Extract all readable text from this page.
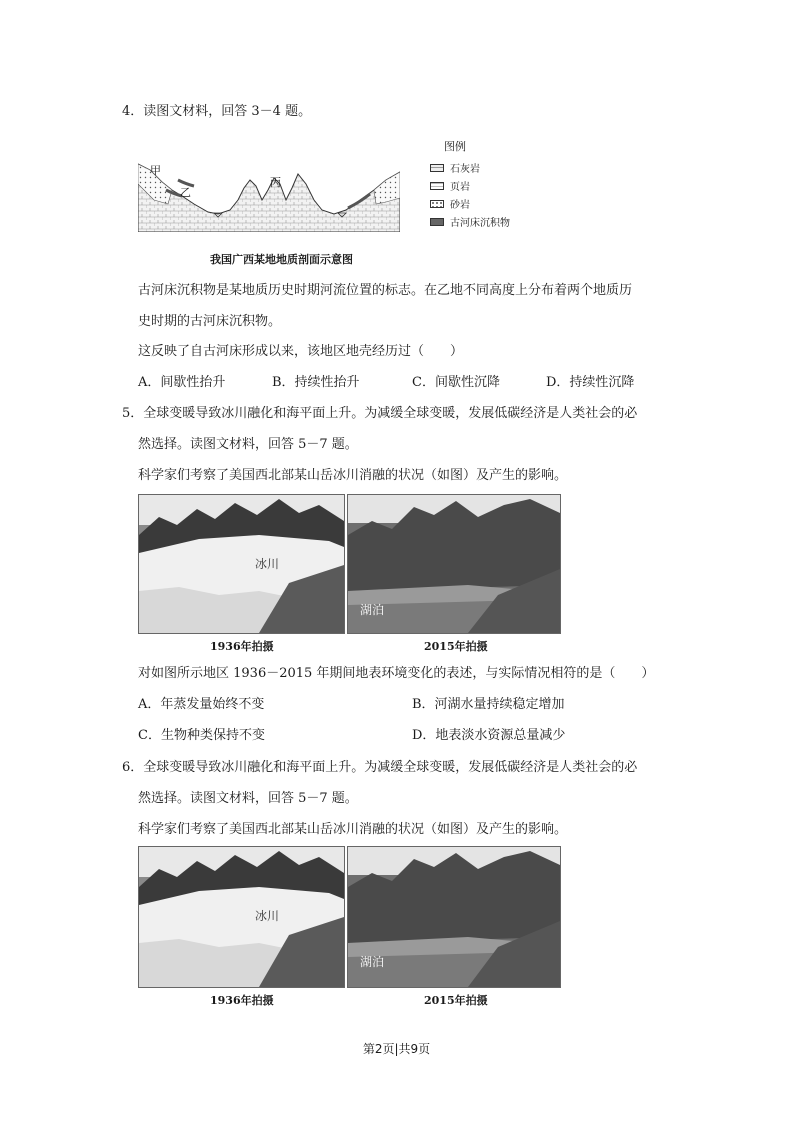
4．读图文材料，回答 3－4 题。
甲
乙
丙
图例
石灰岩
页岩
砂岩
古河床沉积物
我国广西某地地质剖面示意图
古河床沉积物是某地质历史时期河流位置的标志。在乙地不同高度上分布着两个地质历
史时期的古河床沉积物。
这反映了自古河床形成以来，该地区地壳经历过（　　）
A．间歇性抬升	B．持续性抬升	C．间歇性沉降	D．持续性沉降
5．全球变暖导致冰川融化和海平面上升。为减缓全球变暖，发展低碳经济是人类社会的必
然选择。读图文材料，回答 5－7 题。
科学家们考察了美国西北部某山岳冰川消融的状况（如图）及产生的影响。
冰川
湖泊
1936年拍摄	2015年拍摄
对如图所示地区 1936－2015 年期间地表环境变化的表述，与实际情况相符的是（　　）
A．年蒸发量始终不变	B．河湖水量持续稳定增加
C．生物种类保持不变	D．地表淡水资源总量减少
6．全球变暖导致冰川融化和海平面上升。为减缓全球变暖，发展低碳经济是人类社会的必
然选择。读图文材料，回答 5－7 题。
科学家们考察了美国西北部某山岳冰川消融的状况（如图）及产生的影响。
冰川
湖泊
1936年拍摄	2015年拍摄
第2页|共9页
